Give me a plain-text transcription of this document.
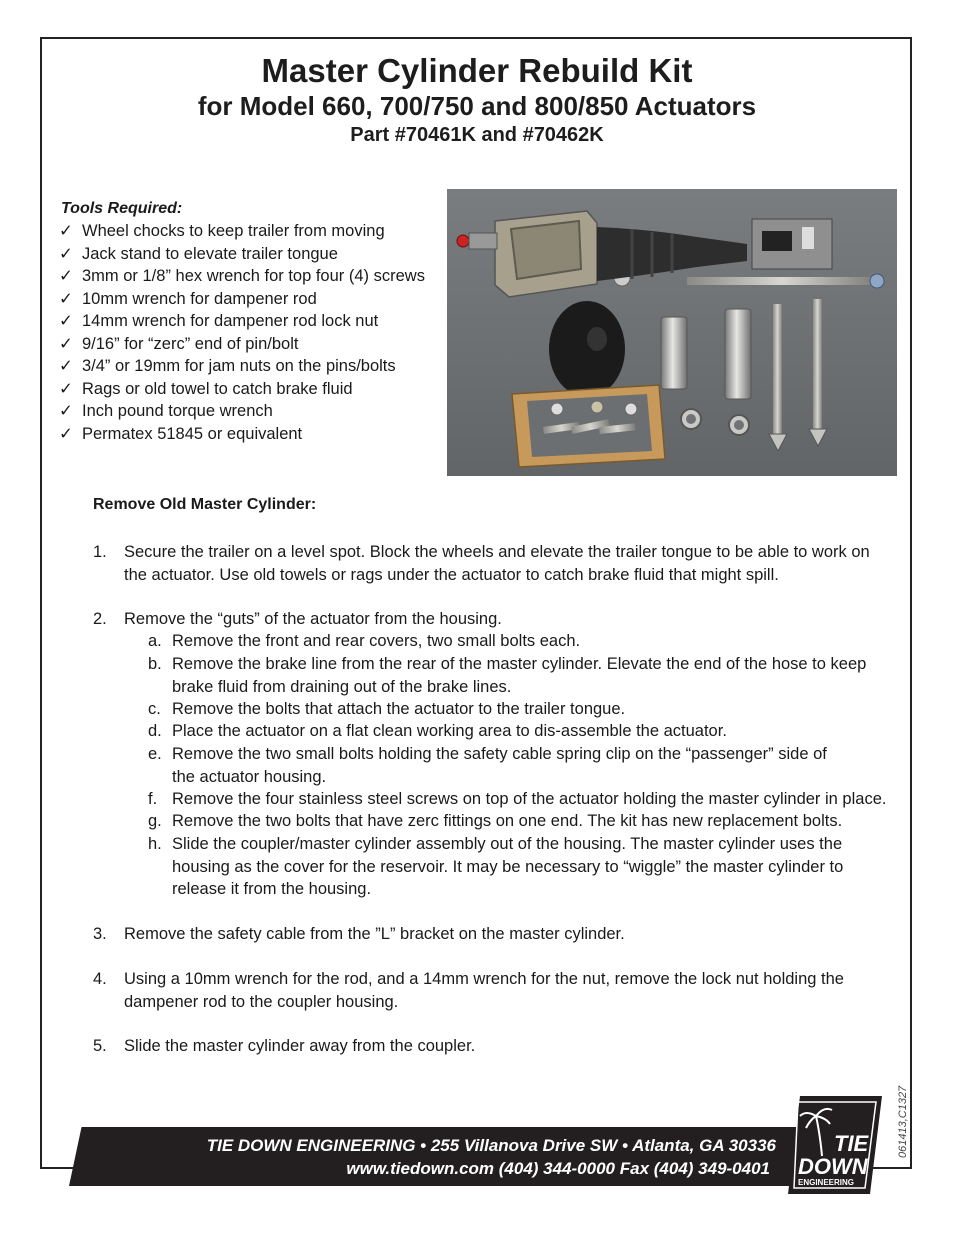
Master Cylinder Rebuild Kit
for Model 660, 700/750 and 800/850 Actuators
Part #70461K and #70462K
Tools Required:
✓ Wheel chocks to keep trailer from moving
✓ Jack stand to elevate trailer tongue
✓ 3mm or 1/8” hex wrench for top four (4) screws
✓ 10mm wrench for dampener rod
✓ 14mm wrench for dampener rod lock nut
✓ 9/16” for “zerc” end of pin/bolt
✓ 3/4” or 19mm for jam nuts on the pins/bolts
✓ Rags or old towel to catch brake fluid
✓ Inch pound torque wrench
✓ Permatex 51845 or equivalent
Remove Old Master Cylinder:
1. Secure the trailer on a level spot. Block the wheels and elevate the trailer tongue to be able to work on
the actuator. Use old towels or rags under the actuator to catch brake fluid that might spill.
2. Remove the “guts” of the actuator from the housing.
a. Remove the front and rear covers, two small bolts each.
b. Remove the brake line from the rear of the master cylinder. Elevate the end of the hose to keep
brake fluid from draining out of the brake lines.
c. Remove the bolts that attach the actuator to the trailer tongue.
d. Place the actuator on a flat clean working area to dis-assemble the actuator.
e. Remove the two small bolts holding the safety cable spring clip on the “passenger” side of
the actuator housing.
f. Remove the four stainless steel screws on top of the actuator holding the master cylinder in place.
g. Remove the two bolts that have zerc fittings on one end. The kit has new replacement bolts.
h. Slide the coupler/master cylinder assembly out of the housing. The master cylinder uses the
housing as the cover for the reservoir. It may be necessary to “wiggle” the master cylinder to
release it from the housing.
3. Remove the safety cable from the ”L” bracket on the master cylinder.
4. Using a 10mm wrench for the rod, and a 14mm wrench for the nut, remove the lock nut holding the
dampener rod to the coupler housing.
5. Slide the master cylinder away from the coupler.
TIE DOWN ENGINEERING • 255 Villanova Drive SW • Atlanta, GA 30336
www.tiedown.com (404) 344-0000 Fax (404) 349-0401
TIE
DOWN
ENGINEERING
061413,C1327
